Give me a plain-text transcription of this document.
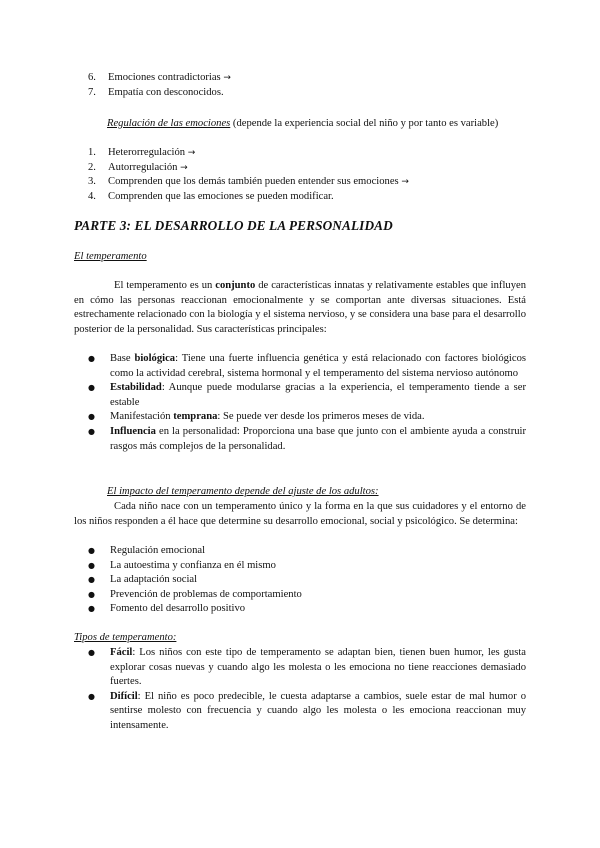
6. Emociones contradictorias →
7. Empatía con desconocidos.
Regulación de las emociones (depende la experiencia social del niño y por tanto es variable)
1. Heterorregulación →
2. Autorregulación →
3. Comprenden que los demás también pueden entender sus emociones →
4. Comprenden que las emociones se pueden modificar.
PARTE 3: EL DESARROLLO DE LA PERSONALIDAD
El temperamento

El temperamento es un conjunto de características innatas y relativamente estables que influyen en cómo las personas reaccionan emocionalmente y se comportan ante diversas situaciones. Está estrechamente relacionado con la biología y el sistema nervioso, y se considera una base para el desarrollo posterior de la personalidad. Sus características principales:

● Base biológica: Tiene una fuerte influencia genética y está relacionado con factores biológicos como la actividad cerebral, sistema hormonal y el temperamento del sistema nervioso autónomo
● Estabilidad: Aunque puede modularse gracias a la experiencia, el temperamento tiende a ser estable
● Manifestación temprana: Se puede ver desde los primeros meses de vida.
● Influencia en la personalidad: Proporciona una base que junto con el ambiente ayuda a construir rasgos más complejos de la personalidad.
El impacto del temperamento depende del ajuste de los adultos:

Cada niño nace con un temperamento único y la forma en la que sus cuidadores y el entorno de los niños responden a él hace que determine su desarrollo emocional, social y psicológico. Se determina:

● Regulación emocional
● La autoestima y confianza en él mismo
● La adaptación social
● Prevención de problemas de comportamiento
● Fomento del desarrollo positivo
Tipos de temperamento:
● Fácil: Los niños con este tipo de temperamento se adaptan bien, tienen buen humor, les gusta explorar cosas nuevas y cuando algo les molesta o les emociona no tiene reacciones demasiado fuertes.
● Difícil: El niño es poco predecible, le cuesta adaptarse a cambios, suele estar de mal humor o sentirse molesto con frecuencia y cuando algo les molesta o les emociona reaccionan muy intensamente.
